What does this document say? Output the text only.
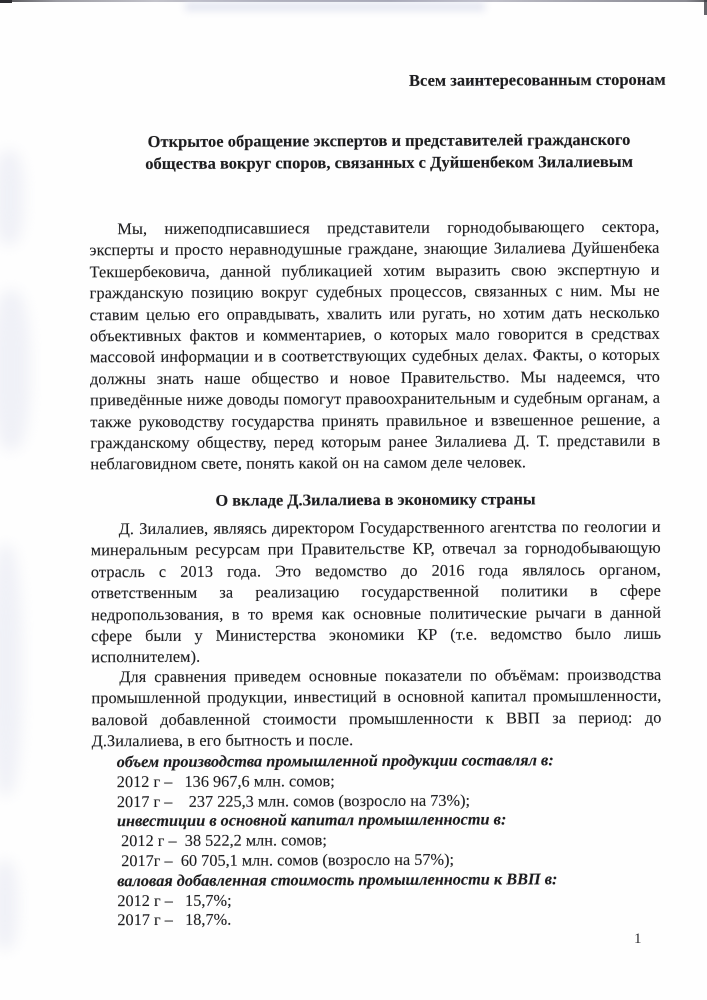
Всем заинтересованным сторонам
Открытое обращение экспертов и представителей гражданского
общества вокруг споров, связанных с Дуйшенбеком Зилалиевым
Мы, нижеподписавшиеся представители горнодобывающего сектора, эксперты и просто неравнодушные граждане, знающие Зилалиева Дуйшенбека Текшербековича, данной публикацией хотим выразить свою экспертную и гражданскую позицию вокруг судебных процессов, связанных с ним. Мы не ставим целью его оправдывать, хвалить или ругать, но хотим дать несколько объективных фактов и комментариев, о которых мало говорится в средствах массовой информации и в соответствующих судебных делах. Факты, о которых должны знать наше общество и новое Правительство. Мы надеемся, что приведённые ниже доводы помогут правоохранительным и судебным органам, а также руководству государства принять правильное и взвешенное решение, а гражданскому обществу, перед которым ранее Зилалиева Д. Т. представили в неблаговидном свете, понять какой он на самом деле человек.
О вкладе Д.Зилалиева в экономику страны
Д. Зилалиев, являясь директором Государственного агентства по геологии и минеральным ресурсам при Правительстве КР, отвечал за горнодобывающую отрасль с 2013 года. Это ведомство до 2016 года являлось органом, ответственным за реализацию государственной политики в сфере недропользования, в то время как основные политические рычаги в данной сфере были у Министерства экономики КР (т.е. ведомство было лишь исполнителем).
Для сравнения приведем основные показатели по объёмам: производства промышленной продукции, инвестиций в основной капитал промышленности, валовой добавленной стоимости промышленности к ВВП за период: до Д.Зилалиева, в его бытность и после.
объем производства промышленной продукции составлял в:
2012 г –   136 967,6 млн. сомов;
2017 г –    237 225,3 млн. сомов (возросло на 73%);
инвестиции в основной капитал промышленности в:
2012 г –  38 522,2 млн. сомов;
2017г –  60 705,1 млн. сомов (возросло на 57%);
валовая добавленная стоимость промышленности к ВВП в:
2012 г –   15,7%;
2017 г –   18,7%.
1
